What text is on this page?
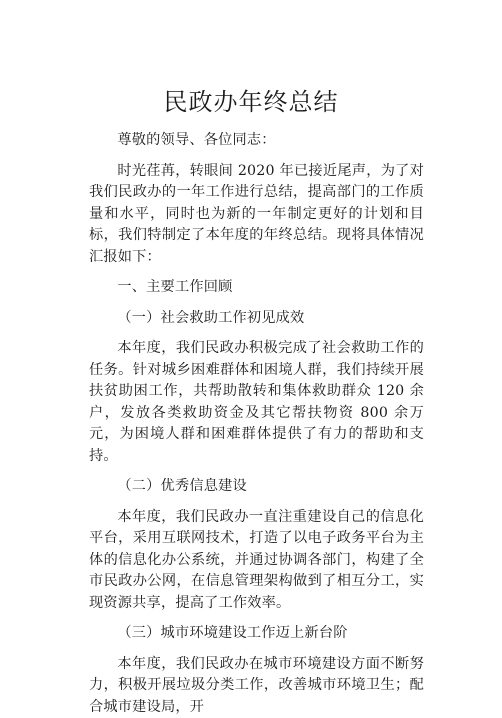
民政办年终总结

尊敬的领导、各位同志：

时光荏苒，转眼间 2020 年已接近尾声，为了对我们民政办的一年工作进行总结，提高部门的工作质量和水平，同时也为新的一年制定更好的计划和目标，我们特制定了本年度的年终总结。现将具体情况汇报如下：

一、主要工作回顾

（一）社会救助工作初见成效

本年度，我们民政办积极完成了社会救助工作的任务。针对城乡困难群体和困境人群，我们持续开展扶贫助困工作，共帮助散转和集体救助群众 120 余户，发放各类救助资金及其它帮扶物资 800 余万元，为困境人群和困难群体提供了有力的帮助和支持。

（二）优秀信息建设

本年度，我们民政办一直注重建设自己的信息化平台，采用互联网技术，打造了以电子政务平台为主体的信息化办公系统，并通过协调各部门，构建了全市民政办公网，在信息管理架构做到了相互分工，实现资源共享，提高了工作效率。

（三）城市环境建设工作迈上新台阶

本年度，我们民政办在城市环境建设方面不断努力，积极开展垃圾分类工作，改善城市环境卫生；配合城市建设局，开
